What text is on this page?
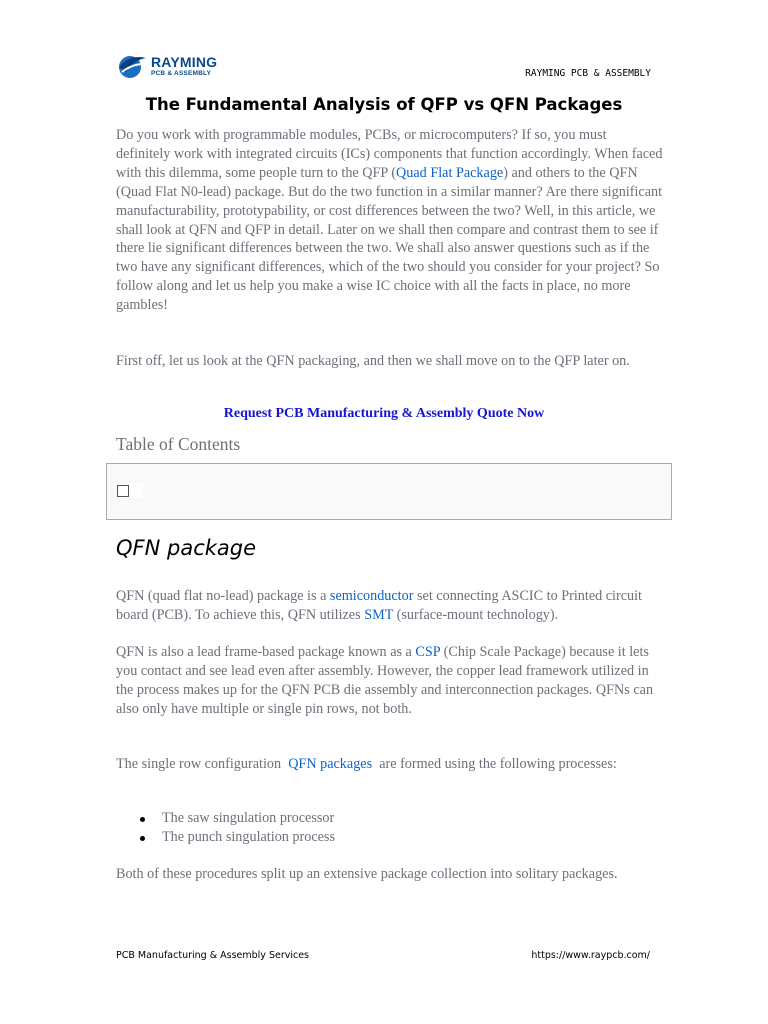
RAYMING
PCB & ASSEMBLY	RAYMING PCB & ASSEMBLY
The Fundamental Analysis of QFP vs QFN Packages

Do you work with programmable modules, PCBs, or microcomputers? If so, you must definitely work with integrated circuits (ICs) components that function accordingly. When faced with this dilemma, some people turn to the QFP (Quad Flat Package) and others to the QFN (Quad Flat N0-lead) package. But do the two function in a similar manner? Are there significant manufacturability, prototypability, or cost differences between the two? Well, in this article, we shall look at QFN and QFP in detail. Later on we shall then compare and contrast them to see if there lie significant differences between the two. We shall also answer questions such as if the two have any significant differences, which of the two should you consider for your project? So follow along and let us help you make a wise IC choice with all the facts in place, no more gambles!

First off, let us look at the QFN packaging, and then we shall move on to the QFP later on.

Request PCB Manufacturing & Assembly Quote Now
Table of Contents
QFN package

QFN (quad flat no-lead) package is a semiconductor set connecting ASCIC to Printed circuit board (PCB). To achieve this, QFN utilizes SMT (surface-mount technology).

QFN is also a lead frame-based package known as a CSP (Chip Scale Package) because it lets you contact and see lead even after assembly. However, the copper lead framework utilized in the process makes up for the QFN PCB die assembly and interconnection packages. QFNs can also only have multiple or single pin rows, not both.

The single row configuration  QFN packages  are formed using the following processes:

The saw singulation processor
The punch singulation process

Both of these procedures split up an extensive package collection into solitary packages.

PCB Manufacturing & Assembly Services	https://www.raypcb.com/
